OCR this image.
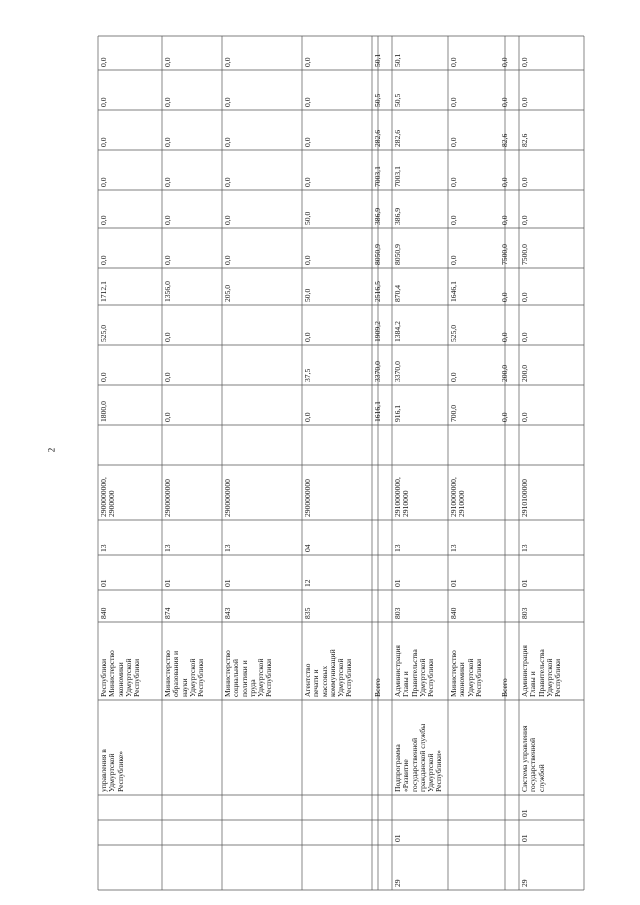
2
управления в
Удмуртской
Республике»
Республики
Министерство
экономики
Удмуртской
Республики
840
01
13
2900000000,
2900000
1800,0
0,0
525,0
1712,1
0,0
0,0
0,0
0,0
0,0
0,0
Министерство
образования и
науки
Удмуртской
Республики
874
01
13
2900000000
0,0
0,0
0,0
1356,0
0,0
0,0
0,0
0,0
0,0
0,0
Министерство
социальной
политики и
труда
Удмуртской
Республики
843
01
13
2900000000
205,0
0,0
0,0
0,0
0,0
0,0
0,0
Агентство
печати и
массовых
коммуникаций
Удмуртской
Республики
835
12
04
2900000000
0,0
37,5
0,0
50,0
0,0
50,0
0,0
0,0
0,0
0,0
29
01
Подпрограмма
«Развитие
государственной
гражданской службы
Удмуртской
Республики»
Администрация
Главы и
Правительства
Удмуртской
Республики
803
01
13
2910000000,
2910000
916,1
3370,0
1384,2
870,4
8050,9
386,9
7003,1
282,6
50,5
50,1
Всего
1616,1
3370,0
1909,2
2516,5
8050,9
386,9
7003,1
282,6
50,5
50,1
Министерство
экономики
Удмуртской
Республики
840
01
13
2910000000,
2910000
700,0
0,0
525,0
1646,1
0,0
0,0
0,0
0,0
0,0
0,0
29
01
01
Система управления
государственной
службой
Администрация
Главы и
Правительства
Удмуртской
Республики
803
01
13
2910100000
0,0
200,0
0,0
0,0
7500,0
0,0
0,0
82,6
0,0
0,0
Всего
0,0
200,0
0,0
0,0
7500,0
0,0
0,0
82,6
0,0
0,0
